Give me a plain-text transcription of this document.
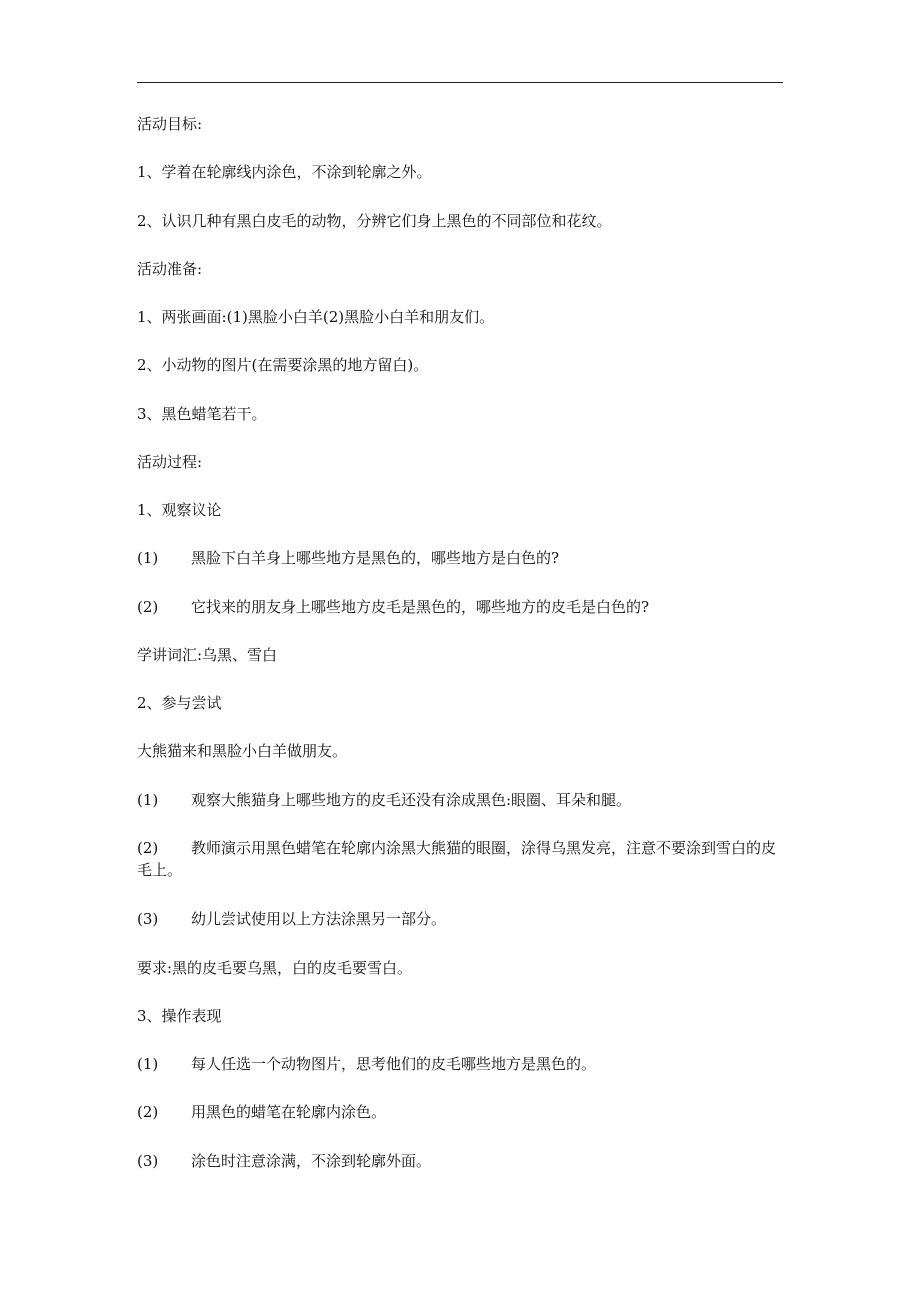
活动目标:
1、学着在轮廓线内涂色，不涂到轮廓之外。
2、认识几种有黑白皮毛的动物，分辨它们身上黑色的不同部位和花纹。
活动准备:
1、两张画面:(1)黑脸小白羊(2)黑脸小白羊和朋友们。
2、小动物的图片(在需要涂黑的地方留白)。
3、黑色蜡笔若干。
活动过程:
1、观察议论
(1) 黑脸下白羊身上哪些地方是黑色的，哪些地方是白色的?
(2) 它找来的朋友身上哪些地方皮毛是黑色的，哪些地方的皮毛是白色的?
学讲词汇:乌黑、雪白
2、参与尝试
大熊猫来和黑脸小白羊做朋友。
(1) 观察大熊猫身上哪些地方的皮毛还没有涂成黑色:眼圈、耳朵和腿。
(2) 教师演示用黑色蜡笔在轮廓内涂黑大熊猫的眼圈，涂得乌黑发亮，注意不要涂到雪白的皮毛上。
(3) 幼儿尝试使用以上方法涂黑另一部分。
要求:黑的皮毛要乌黑，白的皮毛要雪白。
3、操作表现
(1) 每人任选一个动物图片，思考他们的皮毛哪些地方是黑色的。
(2) 用黑色的蜡笔在轮廓内涂色。
(3) 涂色时注意涂满，不涂到轮廓外面。
